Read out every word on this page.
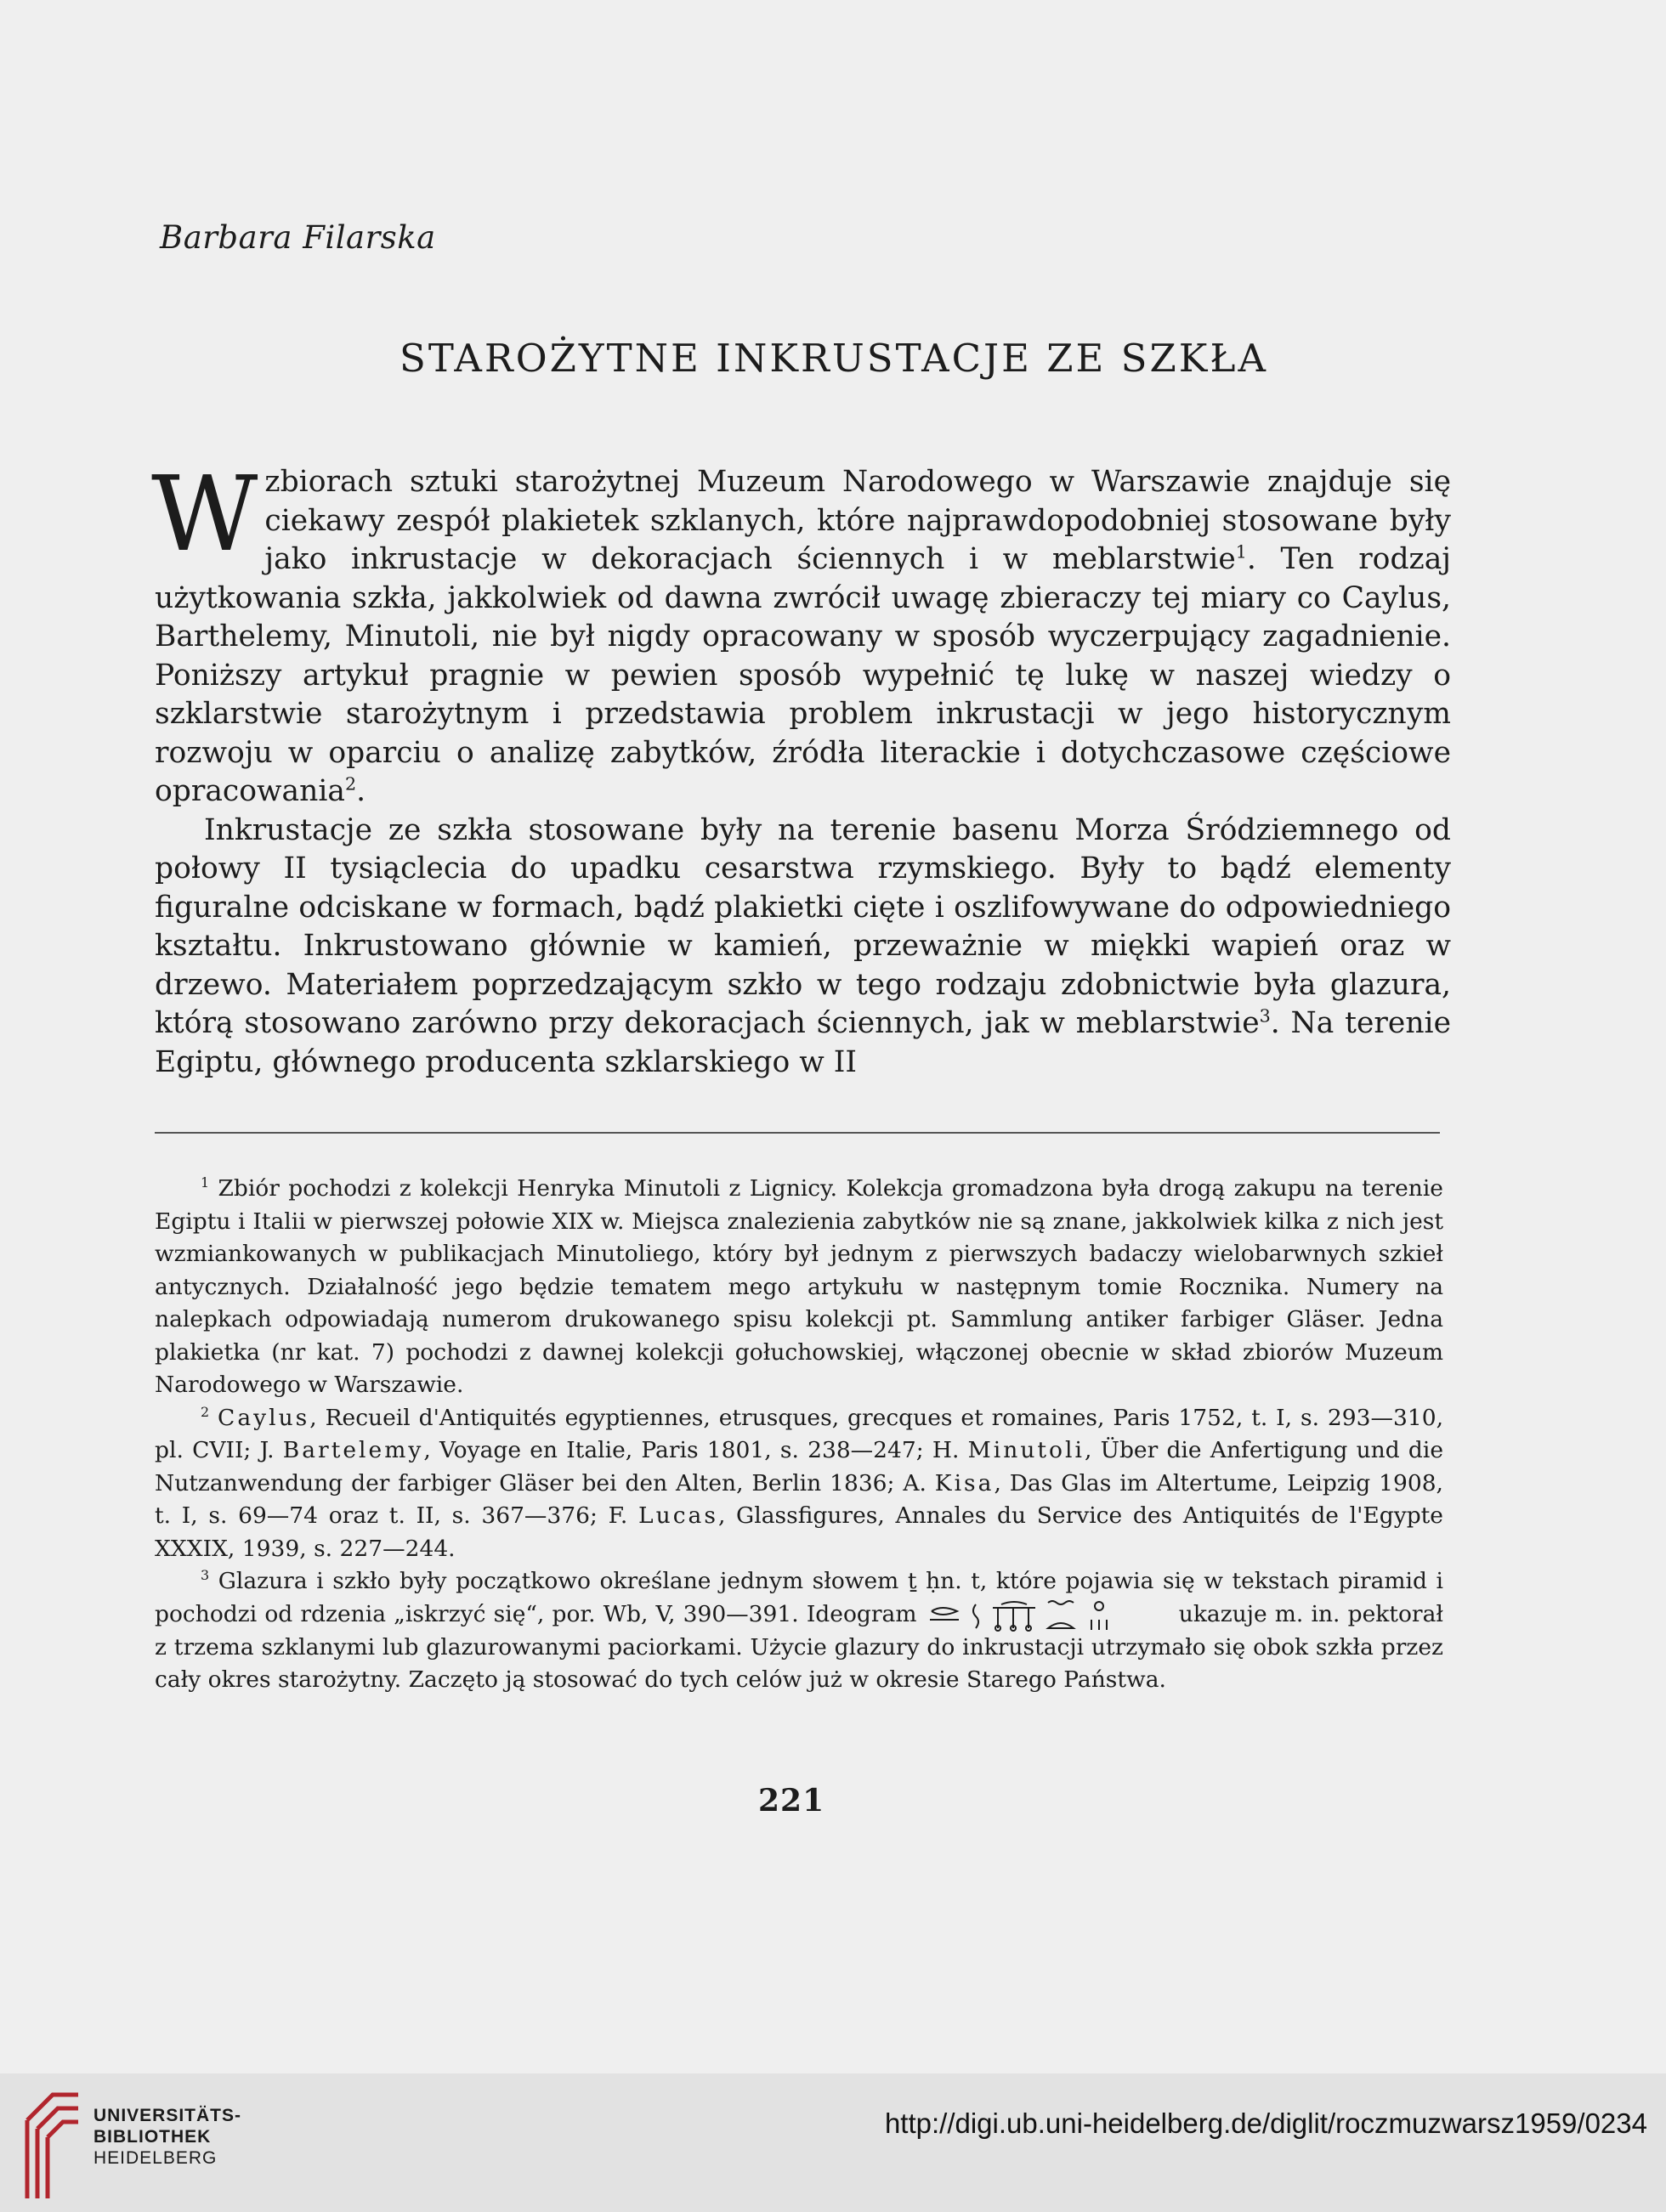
Barbara Filarska
STAROŻYTNE INKRUSTACJE ZE SZKŁA

Wzbiorach sztuki starożytnej Muzeum Narodowego w Warszawie znajduje się ciekawy zespół plakietek szklanych, które najprawdopodobniej stosowane były jako inkrustacje w dekoracjach ściennych i w meblarstwie$^1$. Ten rodzaj użytkowania szkła, jakkolwiek od dawna zwrócił uwagę zbieraczy tej miary co Caylus, Barthelemy, Minutoli, nie był nigdy opracowany w sposób wyczerpujący zagadnienie. Poniższy artykuł pragnie w pewien sposób wypełnić tę lukę w naszej wiedzy o szklarstwie starożytnym i przedstawia problem inkrustacji w jego historycznym rozwoju w oparciu o analizę zabytków, źródła literackie i dotychczasowe częściowe opracowania$^2$.

Inkrustacje ze szkła stosowane były na terenie basenu Morza Śródziemnego od połowy II tysiąclecia do upadku cesarstwa rzymskiego. Były to bądź elementy figuralne odciskane w formach, bądź plakietki cięte i oszlifowywane do odpowiedniego kształtu. Inkrustowano głównie w kamień, przeważnie w miękki wapień oraz w drzewo. Materiałem poprzedzającym szkło w tego rodzaju zdobnictwie była glazura, którą stosowano zarówno przy dekoracjach ściennych, jak w meblarstwie$^3$. Na terenie Egiptu, głównego producenta szklarskiego w II

$^1$ Zbiór pochodzi z kolekcji Henryka Minutoli z Lignicy. Kolekcja gromadzona była drogą zakupu na terenie Egiptu i Italii w pierwszej połowie XIX w. Miejsca znalezienia zabytków nie są znane, jakkolwiek kilka z nich jest wzmiankowanych w publikacjach Minutoliego, który był jednym z pierwszych badaczy wielobarwnych szkieł antycznych. Działalność jego będzie tematem mego artykułu w następnym tomie Rocznika. Numery na nalepkach odpowiadają numerom drukowanego spisu kolekcji pt. Sammlung antiker farbiger Gläser. Jedna plakietka (nr kat. 7) pochodzi z dawnej kolekcji gołuchowskiej, włączonej obecnie w skład zbiorów Muzeum Narodowego w Warszawie.

$^2$ Caylus, Recueil d'Antiquités egyptiennes, etrusques, grecques et romaines, Paris 1752, t. I, s. 293—310, pl. CVII; J. Bartelemy, Voyage en Italie, Paris 1801, s. 238—247; H. Minutoli, Über die Anfertigung und die Nutzanwendung der farbiger Gläser bei den Alten, Berlin 1836; A. Kisa, Das Glas im Altertume, Leipzig 1908, t. I, s. 69—74 oraz t. II, s. 367—376; F. Lucas, Glassfigures, Annales du Service des Antiquités de l'Egypte XXXIX, 1939, s. 227—244.

$^3$ Glazura i szkło były początkowo określane jednym słowem ṯ ḥn. t, które pojawia się w tekstach piramid i pochodzi od rdzenia „iskrzyć się“, por. Wb, V, 390—391. Ideogram	ukazuje m. in. pektorał z trzema szklanymi lub glazurowanymi paciorkami. Użycie glazury do inkrustacji utrzymało się obok szkła przez cały okres starożytny. Zaczęto ją stosować do tych celów już w okresie Starego Państwa.

221
UNIVERSITÄTS-
BIBLIOTHEK
HEIDELBERG
http://digi.ub.uni-heidelberg.de/diglit/roczmuzwarsz1959/0234
